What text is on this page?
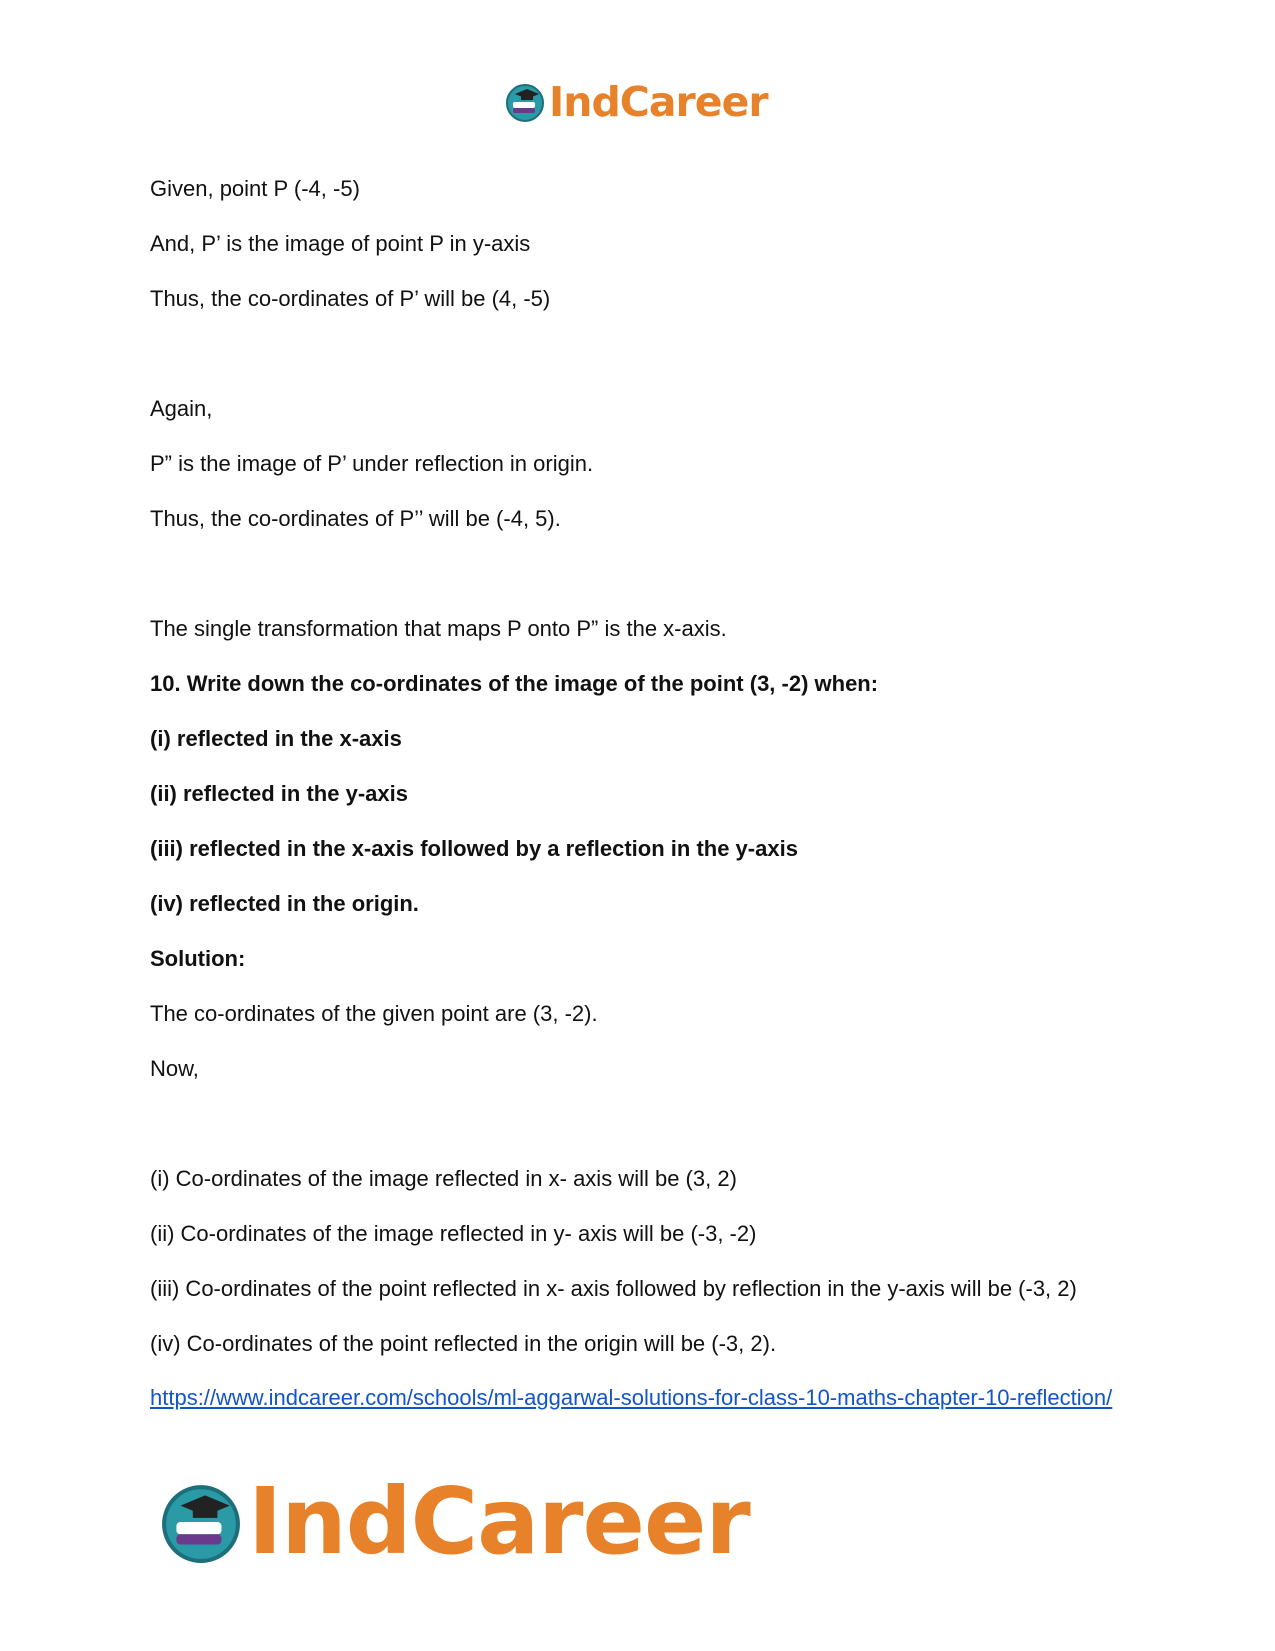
IndCareer
Given, point P (-4, -5)
And, P’ is the image of point P in y-axis
Thus, the co-ordinates of P’ will be (4, -5)
Again,
P” is the image of P’ under reflection in origin.
Thus, the co-ordinates of P’’ will be (-4, 5).
The single transformation that maps P onto P” is the x-axis.
10. Write down the co-ordinates of the image of the point (3, -2) when:
(i) reflected in the x-axis
(ii) reflected in the y-axis
(iii) reflected in the x-axis followed by a reflection in the y-axis
(iv) reflected in the origin.
Solution:
The co-ordinates of the given point are (3, -2).
Now,
(i) Co-ordinates of the image reflected in x- axis will be (3, 2)
(ii) Co-ordinates of the image reflected in y- axis will be (-3, -2)
(iii) Co-ordinates of the point reflected in x- axis followed by reflection in the y-axis will be (-3, 2)
(iv) Co-ordinates of the point reflected in the origin will be (-3, 2).
https://www.indcareer.com/schools/ml-aggarwal-solutions-for-class-10-maths-chapter-10-reflection/
IndCareer
